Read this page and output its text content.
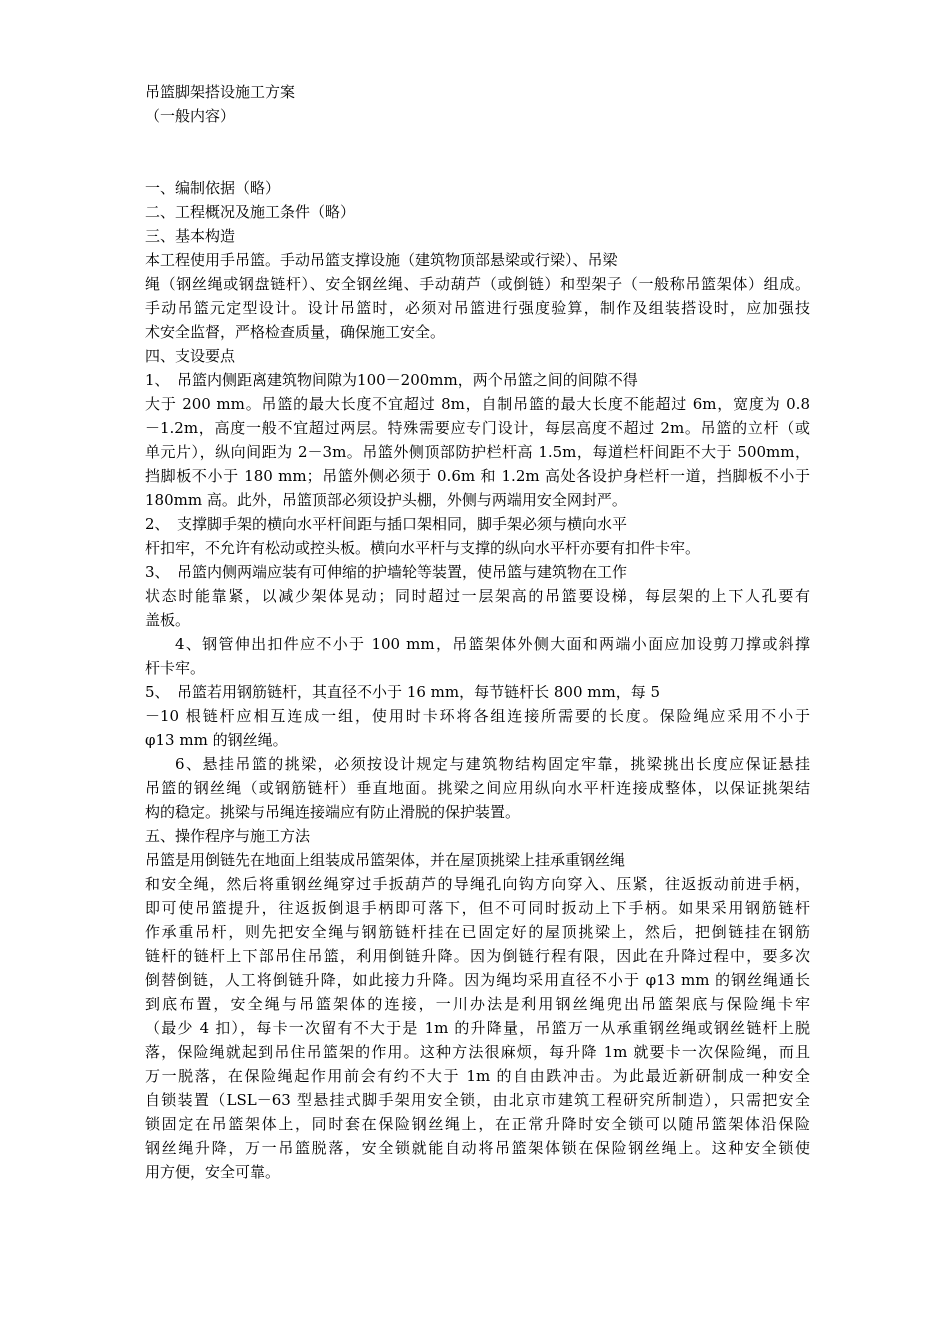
吊篮脚架搭设施工方案
（一般内容）
一、编制依据（略）
二、工程概况及施工条件（略）
三、基本构造
本工程使用手吊篮。手动吊篮支撑设施（建筑物顶部悬梁或行梁）、吊梁
绳（钢丝绳或钢盘链杆）、安全钢丝绳、手动葫芦（或倒链）和型架子（一般称吊篮架体）组成。
手动吊篮元定型设计。设计吊篮时，必须对吊篮进行强度验算，制作及组装搭设时，应加强技
术安全监督，严格检查质量，确保施工安全。
四、支设要点
1、　吊篮内侧距离建筑物间隙为100－200mm，两个吊篮之间的间隙不得
大于 200 mm。吊篮的最大长度不宜超过 8m，自制吊篮的最大长度不能超过 6m，宽度为 0.8
－1.2m，高度一般不宜超过两层。特殊需要应专门设计，每层高度不超过 2m。吊篮的立杆（或
单元片），纵向间距为 2－3m。吊篮外侧顶部防护栏杆高 1.5m，每道栏杆间距不大于 500mm，
挡脚板不小于 180 mm；吊篮外侧必须于 0.6m 和 1.2m 高处各设护身栏杆一道，挡脚板不小于
180mm 高。此外，吊篮顶部必须设护头棚，外侧与两端用安全网封严。
2、　支撑脚手架的横向水平杆间距与插口架相同，脚手架必须与横向水平
杆扣牢，不允许有松动或控头板。横向水平杆与支撑的纵向水平杆亦要有扣件卡牢。
3、　吊篮内侧两端应装有可伸缩的护墙轮等装置，使吊篮与建筑物在工作
状态时能靠紧，以减少架体晃动；同时超过一层架高的吊篮要设梯，每层架的上下人孔要有
盖板。
4、钢管伸出扣件应不小于 100 mm，吊篮架体外侧大面和两端小面应加设剪刀撑或斜撑
杆卡牢。
5、　吊篮若用钢筋链杆，其直径不小于 16 mm，每节链杆长 800 mm，每 5
－10 根链杆应相互连成一组，使用时卡环将各组连接所需要的长度。保险绳应采用不小于
φ13 mm 的钢丝绳。
6、悬挂吊篮的挑梁，必须按设计规定与建筑物结构固定牢靠，挑梁挑出长度应保证悬挂
吊篮的钢丝绳（或钢筋链杆）垂直地面。挑梁之间应用纵向水平杆连接成整体，以保证挑架结
构的稳定。挑梁与吊绳连接端应有防止滑脱的保护装置。
五、操作程序与施工方法
吊篮是用倒链先在地面上组装成吊篮架体，并在屋顶挑梁上挂承重钢丝绳
和安全绳，然后将重钢丝绳穿过手扳葫芦的导绳孔向钩方向穿入、压紧，往返扳动前进手柄，
即可使吊篮提升，往返扳倒退手柄即可落下，但不可同时扳动上下手柄。如果采用钢筋链杆
作承重吊杆，则先把安全绳与钢筋链杆挂在已固定好的屋顶挑梁上，然后，把倒链挂在钢筋
链杆的链杆上下部吊住吊篮，利用倒链升降。因为倒链行程有限，因此在升降过程中，要多次
倒替倒链，人工将倒链升降，如此接力升降。因为绳均采用直径不小于 φ13 mm 的钢丝绳通长
到底布置，安全绳与吊篮架体的连接，一川办法是利用钢丝绳兜出吊篮架底与保险绳卡牢
（最少 4 扣），每卡一次留有不大于是 1m 的升降量，吊篮万一从承重钢丝绳或钢丝链杆上脱
落，保险绳就起到吊住吊篮架的作用。这种方法很麻烦，每升降 1m 就要卡一次保险绳，而且
万一脱落，在保险绳起作用前会有约不大于 1m 的自由跌冲击。为此最近新研制成一种安全
自锁装置（LSL－63 型悬挂式脚手架用安全锁，由北京市建筑工程研究所制造），只需把安全
锁固定在吊篮架体上，同时套在保险钢丝绳上，在正常升降时安全锁可以随吊篮架体沿保险
钢丝绳升降，万一吊篮脱落，安全锁就能自动将吊篮架体锁在保险钢丝绳上。这种安全锁使
用方便，安全可靠。
